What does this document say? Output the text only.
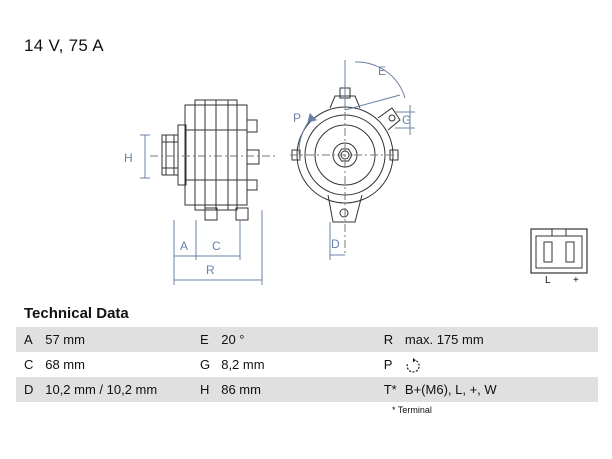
14 V, 75 A
H
A C
R
P
E
G
D
L +
Technical Data
A 57 mm	E 20 °	R max. 175 mm
C 68 mm	G 8,2 mm	P
D 10,2 mm / 10,2 mm	H 86 mm	T* B+(M6), L, +, W
* Terminal
